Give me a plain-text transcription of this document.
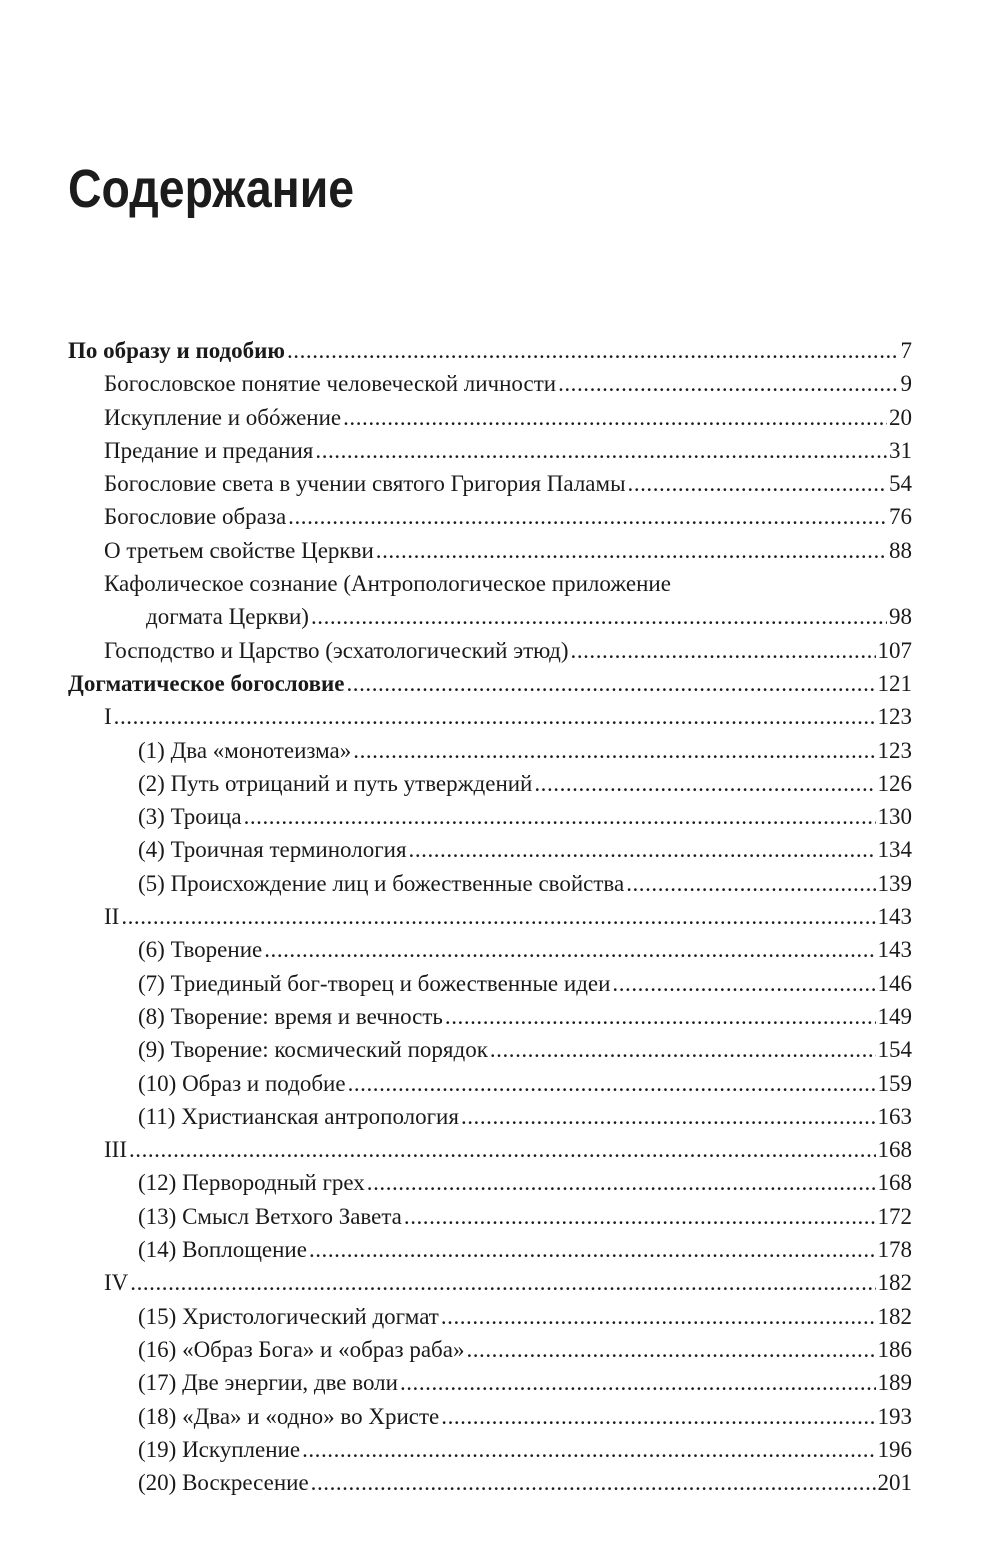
Содержание
По образу и подобию . . .	7
Богословское понятие человеческой личности . . .	9
Искупление и обóжение . . .	20
Предание и предания . . .	31
Богословие света в учении святого Григория Паламы . . .	54
Богословие образа . . .	76
О третьем свойстве Церкви . . .	88
Кафолическое сознание (Антропологическое приложение
догмата Церкви) . . .	98
Господство и Царство (эсхатологический этюд) . . .	107
Догматическое богословие . . .	121
I . . .	123
(1) Два «монотеизма» . . .	123
(2) Путь отрицаний и путь утверждений . . .	126
(3) Троица . . .	130
(4) Троичная терминология . . .	134
(5) Происхождение лиц и божественные свойства . . .	139
II . . .	143
(6) Творение . . .	143
(7) Триединый бог-творец и божественные идеи . . .	146
(8) Творение: время и вечность . . .	149
(9) Творение: космический порядок . . .	154
(10) Образ и подобие . . .	159
(11) Христианская антропология . . .	163
III . . .	168
(12) Первородный грех . . .	168
(13) Смысл Ветхого Завета . . .	172
(14) Воплощение . . .	178
IV . . .	182
(15) Христологический догмат . . .	182
(16) «Образ Бога» и «образ раба» . . .	186
(17) Две энергии, две воли . . .	189
(18) «Два» и «одно» во Христе . . .	193
(19) Искупление . . .	196
(20) Воскресение . . .	201
